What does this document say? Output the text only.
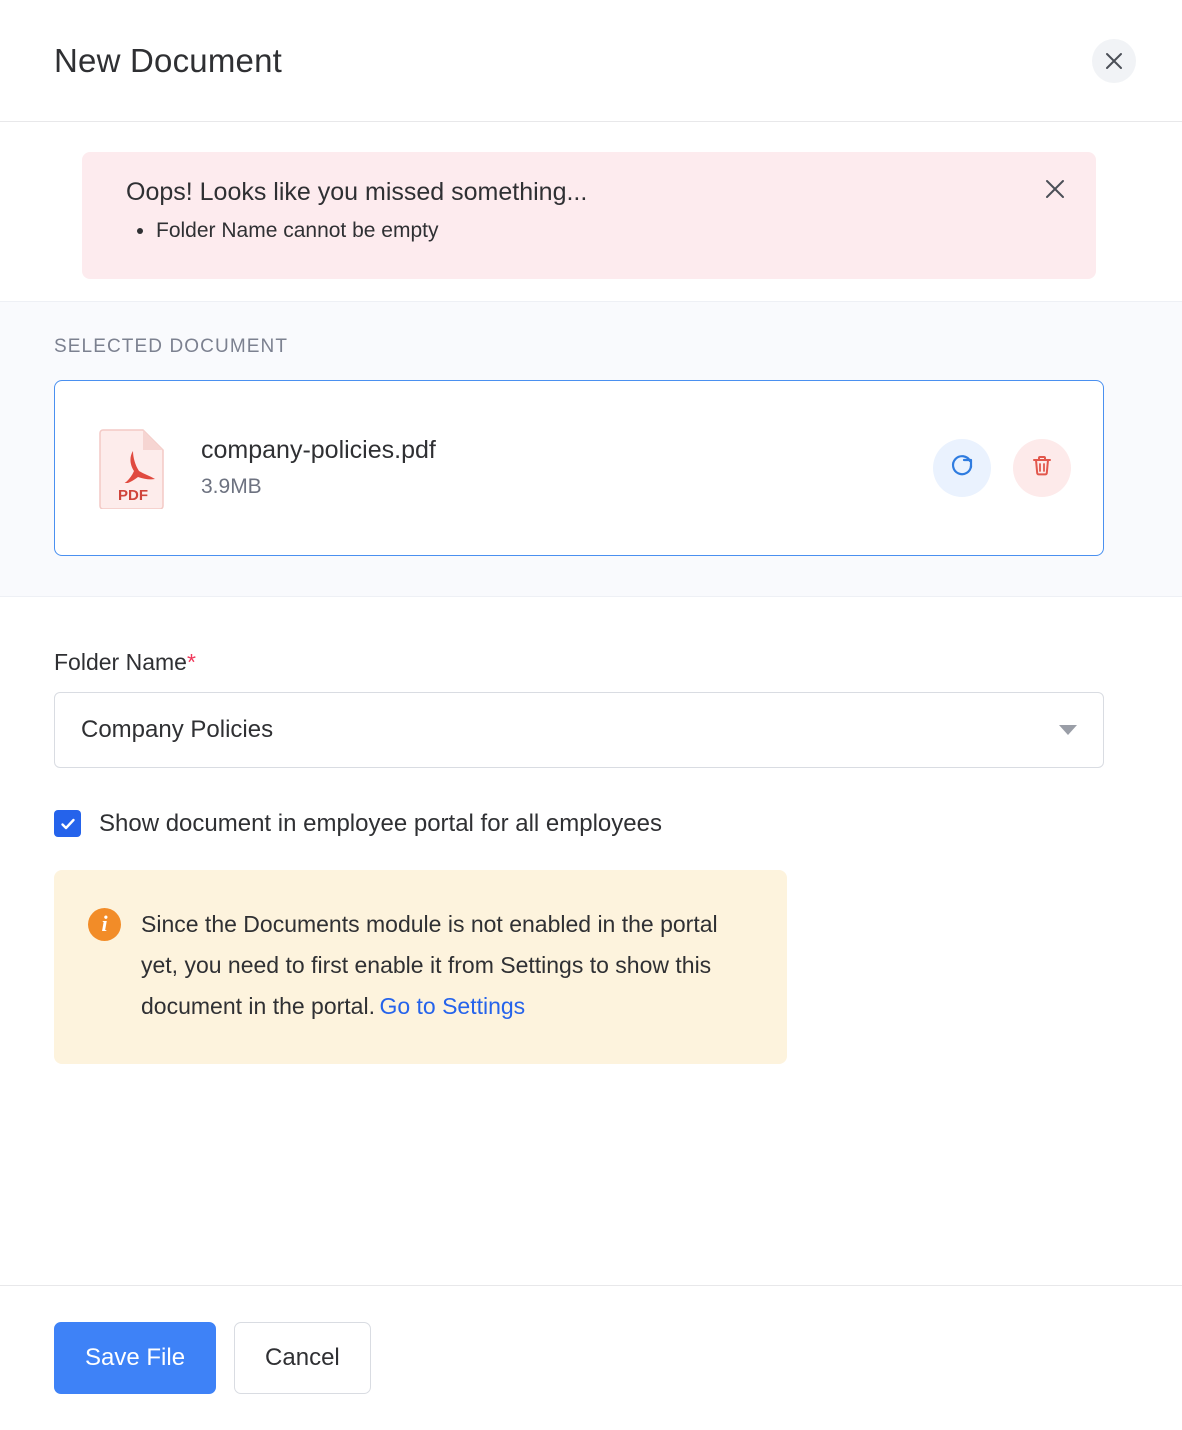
New Document
Oops! Looks like you missed something...
• Folder Name cannot be empty
SELECTED DOCUMENT
PDF
company-policies.pdf
3.9MB
Folder Name*
Company Policies
Show document in employee portal for all employees
i	Since the Documents module is not enabled in the portal yet, you need to first enable it from Settings to show this document in the portal. Go to Settings
Save File	Cancel
